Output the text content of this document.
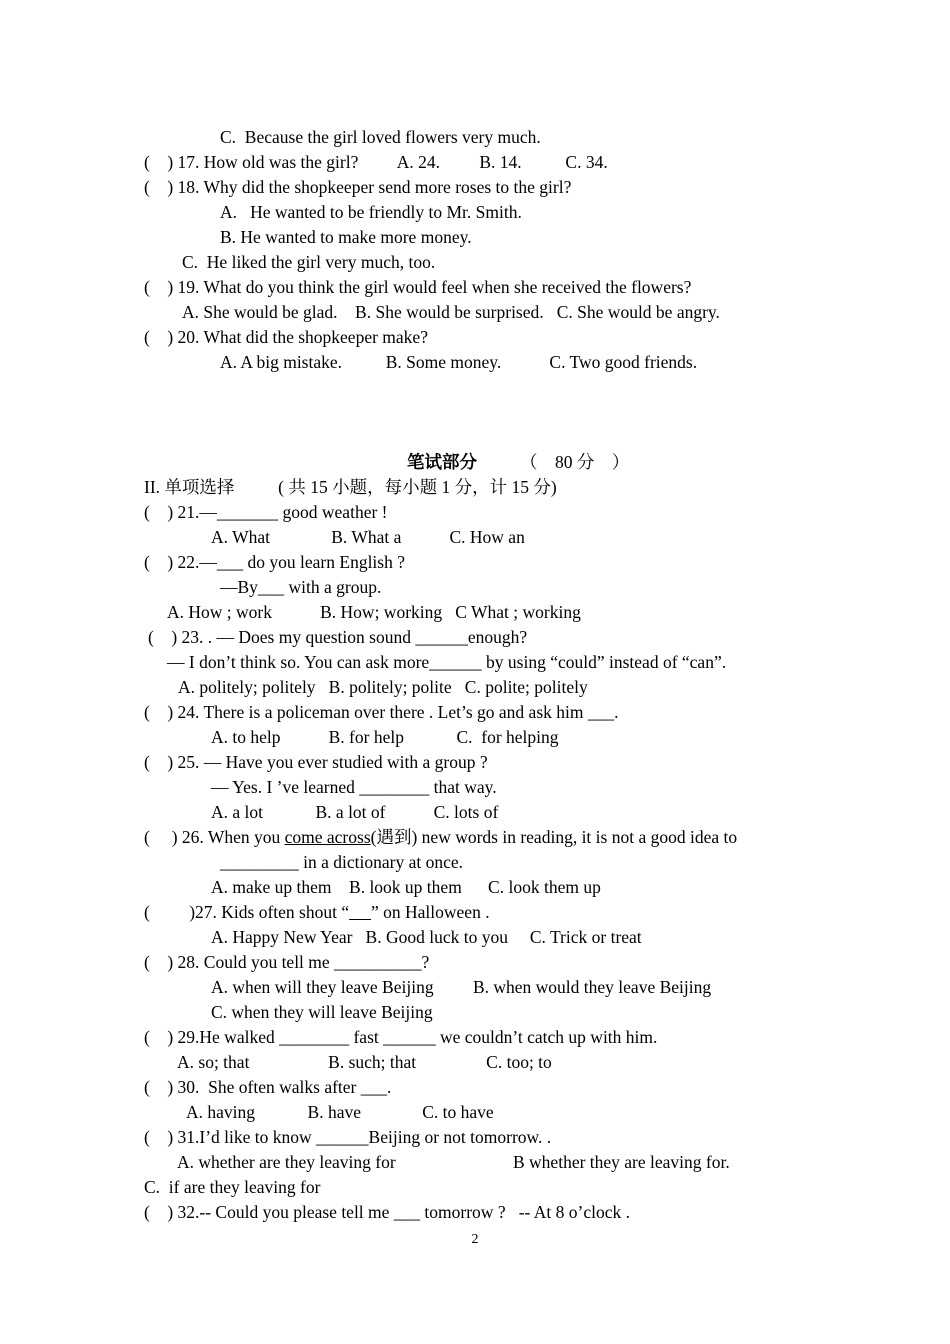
C.  Because the girl loved flowers very much.
(    ) 17. How old was the girl?         A. 24.         B. 14.          C. 34.
(    ) 18. Why did the shopkeeper send more roses to the girl?
A.   He wanted to be friendly to Mr. Smith.
B. He wanted to make more money.
C.  He liked the girl very much, too.
(    ) 19. What do you think the girl would feel when she received the flowers?
A. She would be glad.    B. She would be surprised.   C. She would be angry.
(    ) 20. What did the shopkeeper make?
A. A big mistake.          B. Some money.           C. Two good friends.
笔试部分 （    80 分    ）
II. 单项选择          ( 共 15 小题，每小题 1 分，计 15 分)
(    ) 21.—_______ good weather !
A. What              B. What a           C. How an
(    ) 22.—___ do you learn English ?
—By___ with a group.
A. How ; work           B. How; working   C What ; working
(    ) 23. . — Does my question sound ______enough?
— I don’t think so. You can ask more______ by using “could” instead of “can”.
A. politely; politely   B. politely; polite   C. polite; politely
(    ) 24. There is a policeman over there . Let’s go and ask him ___.
A. to help           B. for help            C.  for helping
(    ) 25. — Have you ever studied with a group ?
— Yes. I ’ve learned ________ that way.
A. a lot            B. a lot of           C. lots of
(     ) 26. When you come across(遇到) new words in reading, it is not a good idea to
_________ in a dictionary at once.
A. make up them    B. look up them      C. look them up
(         )27. Kids often shout “ ” on Halloween .
A. Happy New Year   B. Good luck to you     C. Trick or treat
(    ) 28. Could you tell me __________?
A. when will they leave Beijing         B. when would they leave Beijing
C. when they will leave Beijing
(    ) 29.He walked ________ fast ______ we couldn’t catch up with him.
A. so; that                  B. such; that                C. too; to
(    ) 30.  She often walks after ___.
A. having            B. have              C. to have
(    ) 31.I’d like to know ______Beijing or not tomorrow. .
A. whether are they leaving for	B whether they are leaving for.
C.  if are they leaving for
(    ) 32.-- Could you please tell me ___ tomorrow ?   -- At 8 o’clock .
2
